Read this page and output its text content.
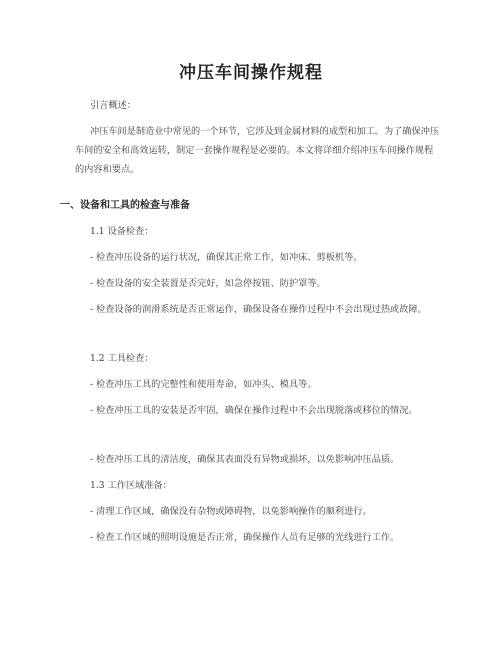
冲压车间操作规程
引言概述：
冲压车间是制造业中常见的一个环节，它涉及到金属材料的成型和加工。为了确保冲压车间的安全和高效运转，制定一套操作规程是必要的。本文将详细介绍冲压车间操作规程的内容和要点。
一、设备和工具的检查与准备
1.1 设备检查：
- 检查冲压设备的运行状况，确保其正常工作，如冲床、剪板机等。
- 检查设备的安全装置是否完好，如急停按钮、防护罩等。
- 检查设备的润滑系统是否正常运作，确保设备在操作过程中不会出现过热或故障。
1.2 工具检查：
- 检查冲压工具的完整性和使用寿命，如冲头、模具等。
- 检查冲压工具的安装是否牢固，确保在操作过程中不会出现脱落或移位的情况。
- 检查冲压工具的清洁度，确保其表面没有异物或损坏，以免影响冲压品质。
1.3 工作区域准备：
- 清理工作区域，确保没有杂物或障碍物，以免影响操作的顺利进行。
- 检查工作区域的照明设施是否正常，确保操作人员有足够的光线进行工作。
